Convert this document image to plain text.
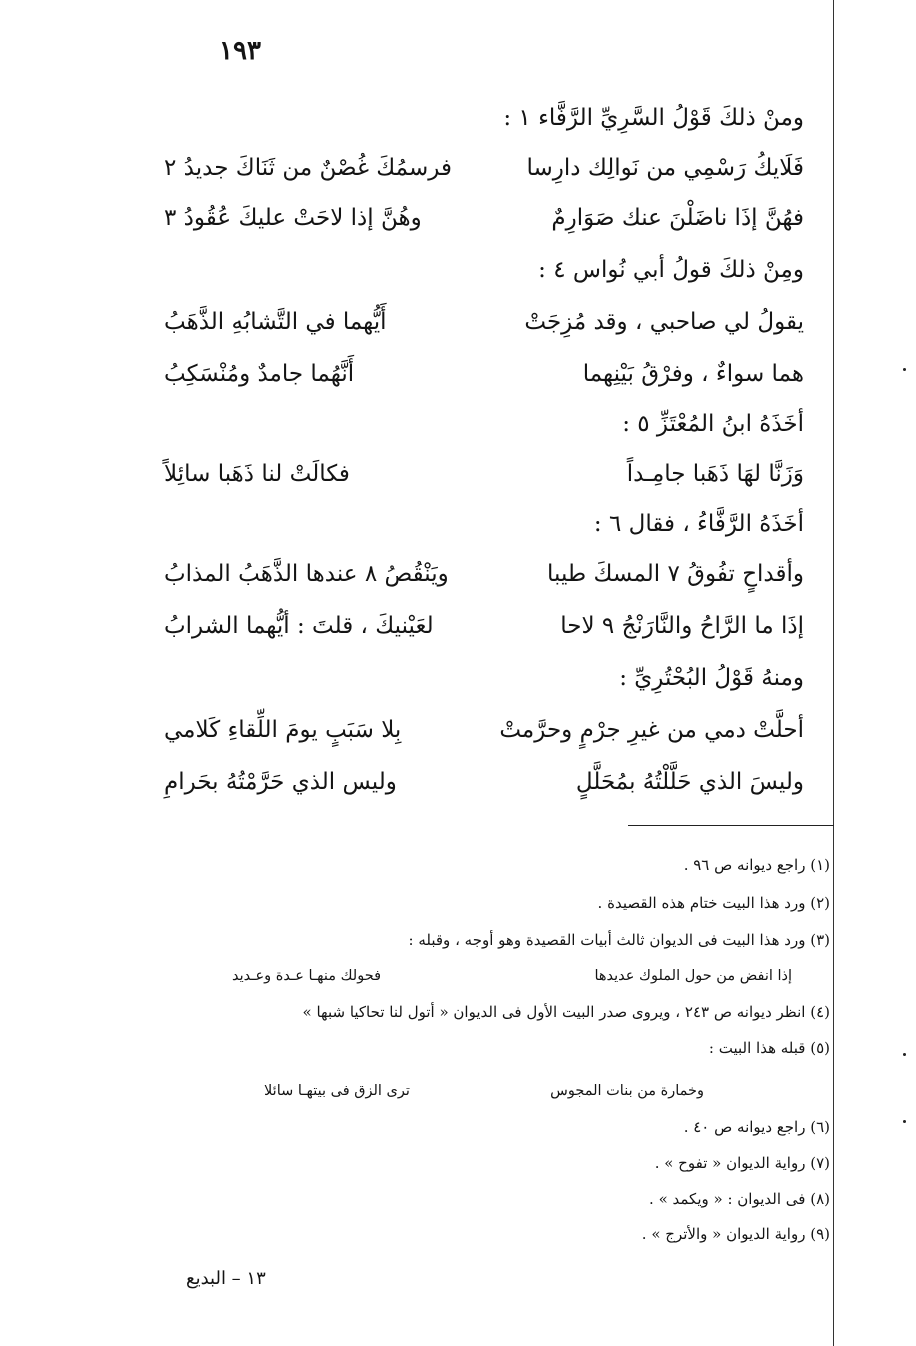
١٩٣
ومنْ ذلكَ قَوْلُ السَّرِيِّ الرَّفَّاء ١ :
فَلَايكُ رَسْمِي من نَوالِك دارِسا
فرسمُكَ غُصْنٌ من ثَنَاكَ جديدُ ٢
فهُنَّ إذَا ناضَلْنَ عنك صَوَارِمٌ
وهُنَّ إذا لاحَتْ عليكَ عُقُودُ ٣
ومِنْ ذلكَ قولُ أبي نُواس ٤ :
يقولُ لي صاحبي ، وقد مُزِجَتْ
أَيُّهما في التَّشابُهِ الذَّهَبُ
هما سواءٌ ، وفرْقُ بَيْنِهما
أَنَّهُما جامدٌ ومُنْسَكِبُ
أخَذَهُ ابنُ المُعْتَزِّ ٥ :
وَزَنَّا لهَا ذَهَبا جامِـداً
فكالَتْ لنا ذَهَبا سائِلاً
أخَذَهُ الرَّفَّاءُ ، فقال ٦ :
وأقداحٍ تفُوقُ ٧ المسكَ طيبا
ويَنْقُصُ ٨ عندها الذَّهَبُ المذابُ
إذَا ما الرَّاحُ والنَّارَنْجُ ٩ لاحا
لعَيْنيكَ ، قلتَ : أيُّهما الشرابُ
ومنهُ قَوْلُ البُحْتُرِيِّ :
أحلَّتْ دمي من غيرِ جرْمٍ وحرَّمتْ
بِلا سَبَبٍ يومَ اللِّقاءِ كَلامي
وليسَ الذي حَلَّلْتُهُ بمُحَلَّلٍ
وليس الذي حَرَّمْتُهُ بحَرامِ
(١) راجع ديوانه ص ٩٦ .
(٢) ورد هذا البيت ختام هذه القصيدة .
(٣) ورد هذا البيت فى الديوان ثالث أبيات القصيدة وهو أوجه ، وقبله :
إذا انفض من حول الملوك عديدها
فحولك منهـا عـدة وعـديد
(٤) انظر ديوانه ص ٢٤٣ ، ويروى صدر البيت الأول فى الديوان « أتول لنا تحاكيا شبها »
(٥) قبله هذا البيت :
وخمارة من بنات المجوس
ترى الزق فى بيتهـا سائلا
(٦) راجع ديوانه ص ٤٠ .
(٧) رواية الديوان « تفوح » .
(٨) فى الديوان : « ويكمد » .
(٩) رواية الديوان « والأترج » .
١٣ – البديع
